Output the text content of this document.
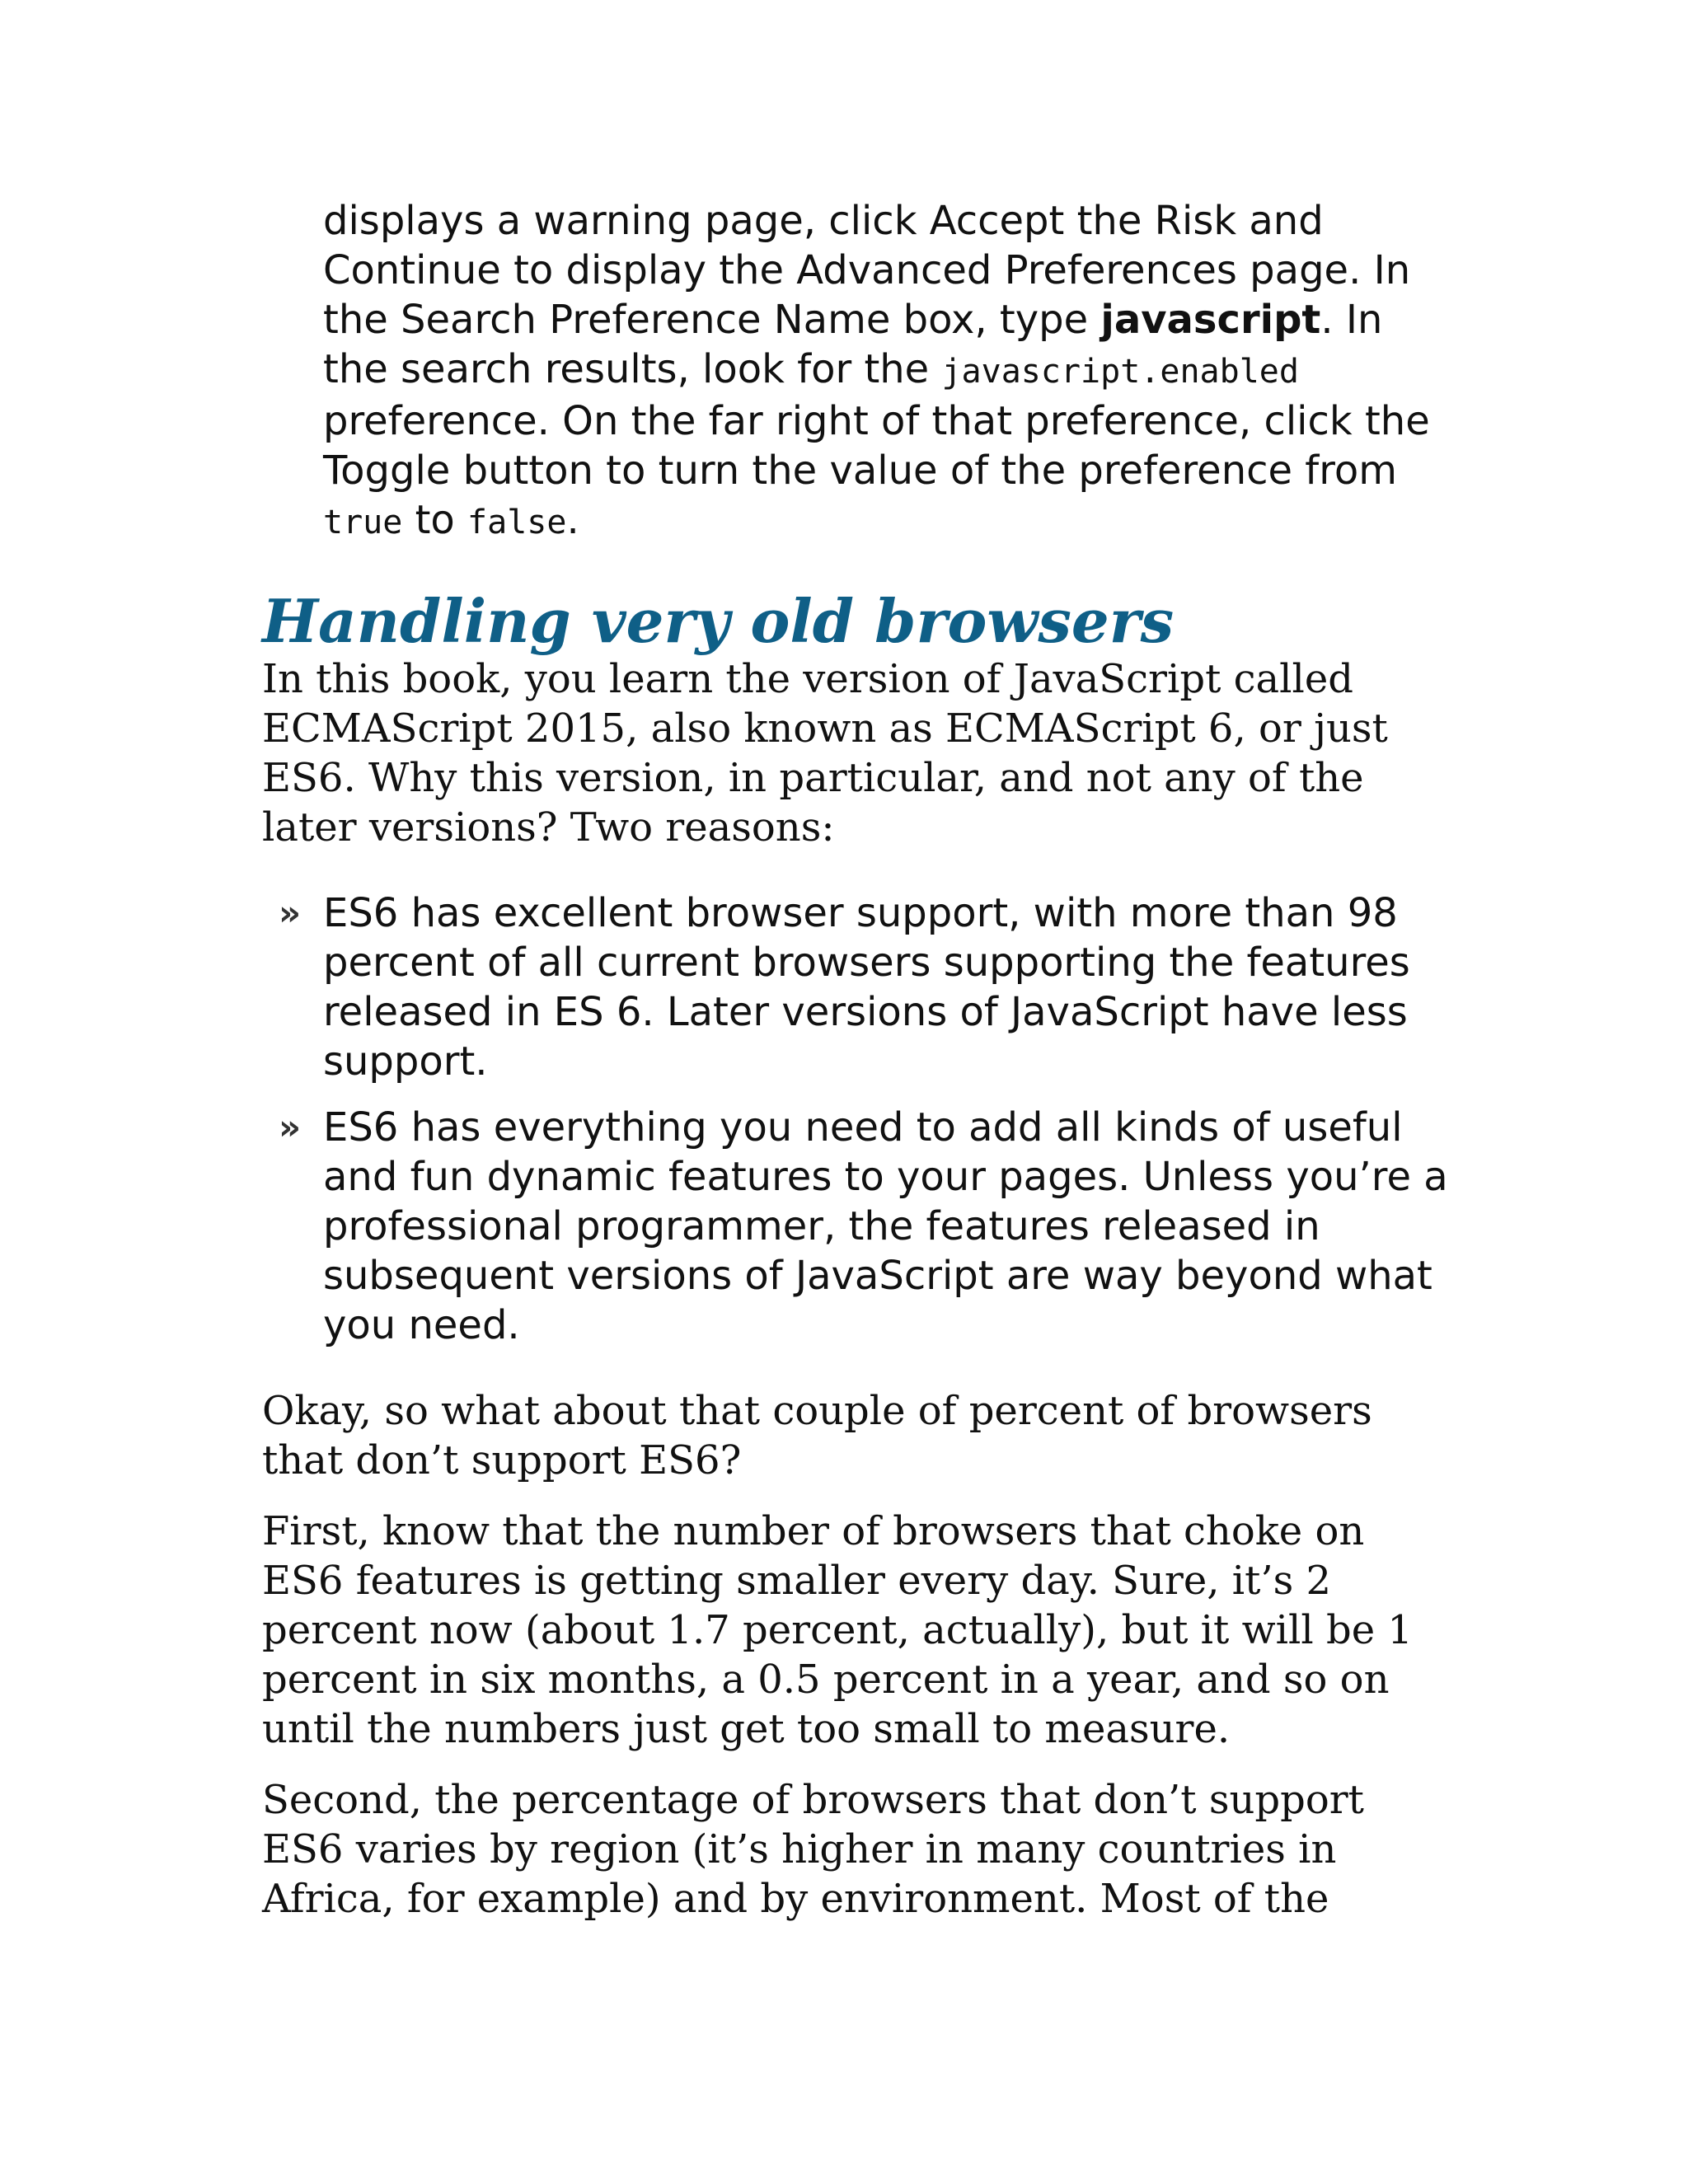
displays a warning page, click Accept the Risk and Continue to display the Advanced Preferences page. In the Search Preference Name box, type javascript. In the search results, look for the javascript.enabled preference. On the far right of that preference, click the Toggle button to turn the value of the preference from true to false.

Handling very old browsers

In this book, you learn the version of JavaScript called ECMAScript 2015, also known as ECMAScript 6, or just ES6. Why this version, in particular, and not any of the later versions? Two reasons:

» ES6 has excellent browser support, with more than 98 percent of all current browsers supporting the features released in ES 6. Later versions of JavaScript have less support.
» ES6 has everything you need to add all kinds of useful and fun dynamic features to your pages. Unless you’re a professional programmer, the features released in subsequent versions of JavaScript are way beyond what you need.

Okay, so what about that couple of percent of browsers that don’t support ES6?

First, know that the number of browsers that choke on ES6 features is getting smaller every day. Sure, it’s 2 percent now (about 1.7 percent, actually), but it will be 1 percent in six months, a 0.5 percent in a year, and so on until the numbers just get too small to measure.

Second, the percentage of browsers that don’t support ES6 varies by region (it’s higher in many countries in Africa, for example) and by environment. Most of the
